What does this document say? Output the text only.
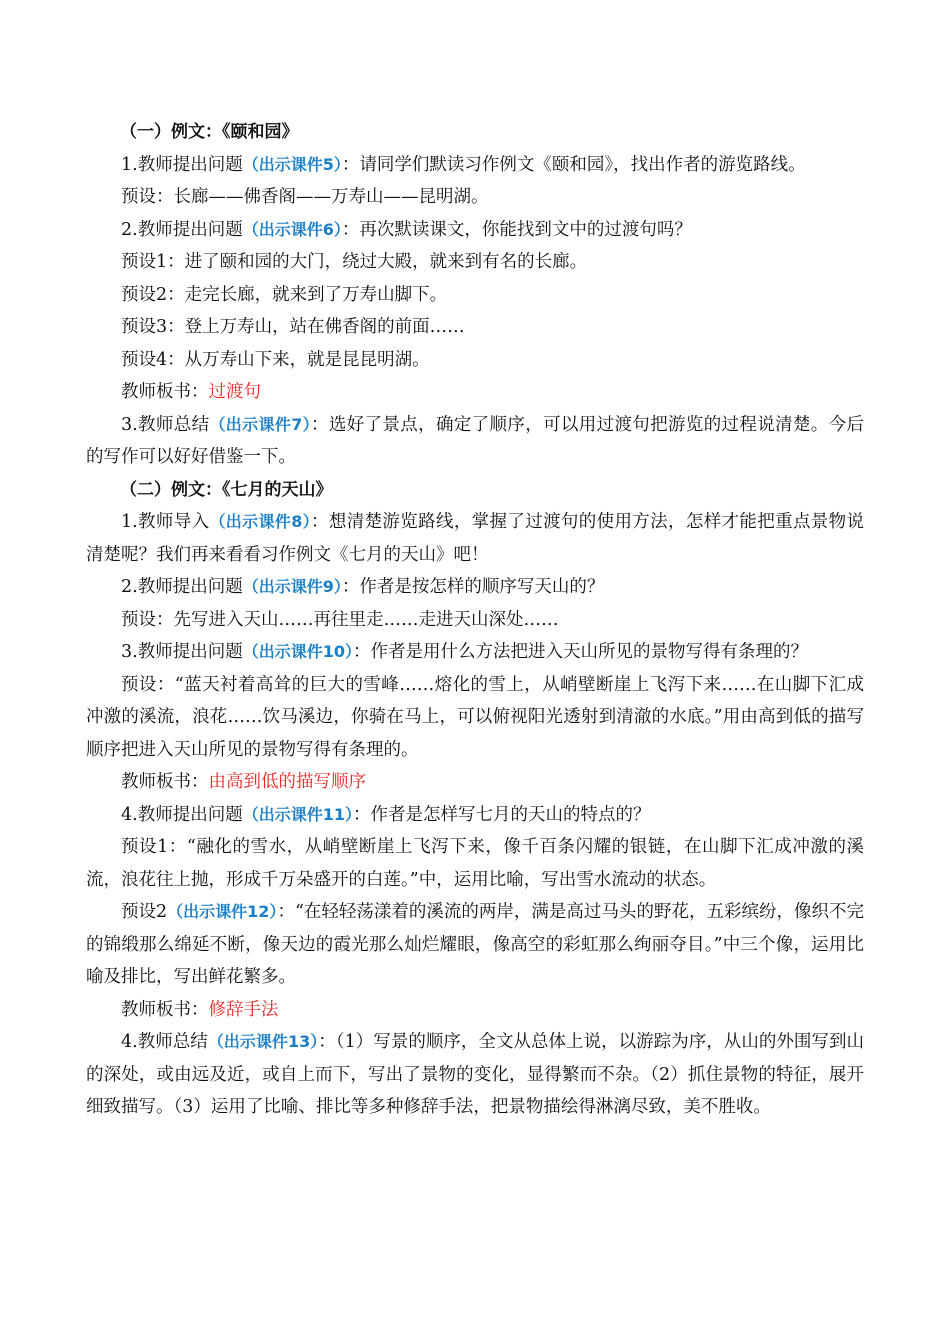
（一）例文：《颐和园》
1.教师提出问题（出示课件5）：请同学们默读习作例文《颐和园》，找出作者的游览路线。
预设：长廊——佛香阁——万寿山——昆明湖。
2.教师提出问题（出示课件6）：再次默读课文，你能找到文中的过渡句吗？
预设1：进了颐和园的大门，绕过大殿，就来到有名的长廊。
预设2：走完长廊，就来到了万寿山脚下。
预设3：登上万寿山，站在佛香阁的前面……
预设4：从万寿山下来，就是昆昆明湖。
教师板书：过渡句
3.教师总结（出示课件7）：选好了景点，确定了顺序，可以用过渡句把游览的过程说清楚。今后的写作可以好好借鉴一下。
（二）例文：《七月的天山》
1.教师导入（出示课件8）：想清楚游览路线，掌握了过渡句的使用方法，怎样才能把重点景物说清楚呢？我们再来看看习作例文《七月的天山》吧！
2.教师提出问题（出示课件9）：作者是按怎样的顺序写天山的？
预设：先写进入天山……再往里走……走进天山深处……
3.教师提出问题（出示课件10）：作者是用什么方法把进入天山所见的景物写得有条理的？
预设：“蓝天衬着高耸的巨大的雪峰……熔化的雪上，从峭壁断崖上飞泻下来……在山脚下汇成冲激的溪流，浪花……饮马溪边，你骑在马上，可以俯视阳光透射到清澈的水底。”用由高到低的描写顺序把进入天山所见的景物写得有条理的。
教师板书：由高到低的描写顺序
4.教师提出问题（出示课件11）：作者是怎样写七月的天山的特点的？
预设1：“融化的雪水，从峭壁断崖上飞泻下来，像千百条闪耀的银链，在山脚下汇成冲激的溪流，浪花往上抛，形成千万朵盛开的白莲。”中，运用比喻，写出雪水流动的状态。
预设2（出示课件12）：“在轻轻荡漾着的溪流的两岸，满是高过马头的野花，五彩缤纷，像织不完的锦缎那么绵延不断，像天边的霞光那么灿烂耀眼，像高空的彩虹那么绚丽夺目。”中三个像，运用比喻及排比，写出鲜花繁多。
教师板书：修辞手法
4.教师总结（出示课件13）：（1）写景的顺序，全文从总体上说，以游踪为序，从山的外围写到山的深处，或由远及近，或自上而下，写出了景物的变化，显得繁而不杂。（2）抓住景物的特征，展开细致描写。（3）运用了比喻、排比等多种修辞手法，把景物描绘得淋漓尽致，美不胜收。
